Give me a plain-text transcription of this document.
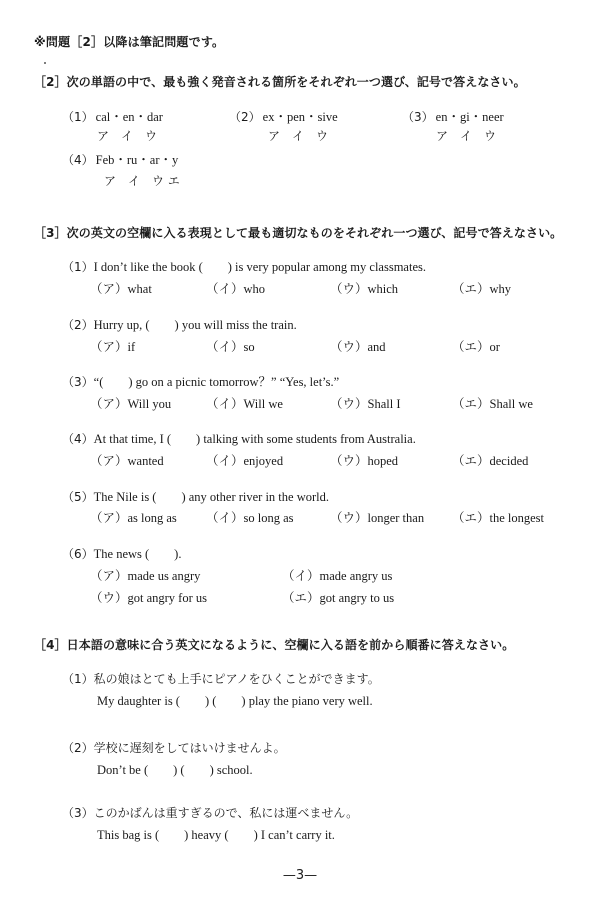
※問題［2］以降は筆記問題です。
［2］次の単語の中で、最も強く発音される箇所をそれぞれ一つ選び、記号で答えなさい。
（1） cal・en・dar
ア　イ　ウ
（2） ex・pen・sive
ア　イ　ウ
（3） en・gi・neer
ア　イ　ウ
（4） Feb・ru・ar・y
ア　イ　ウ エ
［3］次の英文の空欄に入る表現として最も適切なものをそれぞれ一つ選び、記号で答えなさい。
（1）I don’t like the book (　　) is very popular among my classmates.
（ア）what	（イ）who	（ウ）which	（エ）why
（2）Hurry up, (　　) you will miss the train.
（ア）if	（イ）so	（ウ）and	（エ）or
（3）“(　　) go on a picnic tomorrow？” “Yes, let’s.”
（ア）Will you	（イ）Will we	（ウ）Shall I	（エ）Shall we
（4）At that time, I (　　) talking with some students from Australia.
（ア）wanted	（イ）enjoyed	（ウ）hoped	（エ）decided
（5）The Nile is (　　) any other river in the world.
（ア）as long as （イ）so long as	（ウ）longer than （エ）the longest
（6）The news (　　).
（ア）made us angry	（イ）made angry us
（ウ）got angry for us	（エ）got angry to us
［4］日本語の意味に合う英文になるように、空欄に入る語を前から順番に答えなさい。
（1）私の娘はとても上手にピアノをひくことができます。
My daughter is (　　) (　　) play the piano very well.
（2）学校に遅刻をしてはいけませんよ。
Don’t be (　　) (　　) school.
（3）このかばんは重すぎるので、私には運べません。
This bag is (　　) heavy (　　) I can’t carry it.
—3—
